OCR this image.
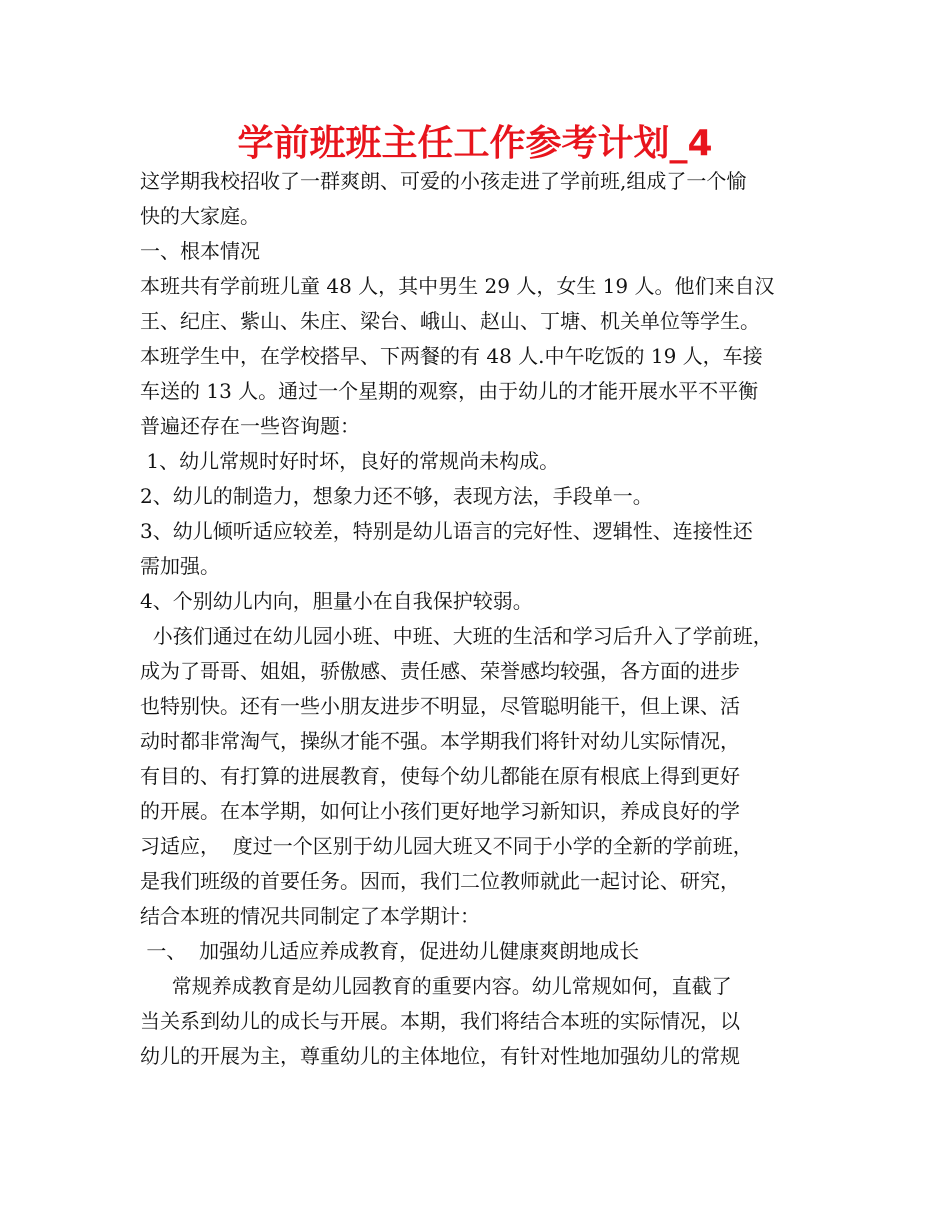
学前班班主任工作参考计划_4
这学期我校招收了一群爽朗、可爱的小孩走进了学前班,组成了一个愉
快的大家庭。
一、根本情况
本班共有学前班儿童 48 人，其中男生 29 人，女生 19 人。他们来自汉
王、纪庄、紫山、朱庄、梁台、峨山、赵山、丁塘、机关单位等学生。
本班学生中，在学校搭早、下两餐的有 48 人.中午吃饭的 19 人，车接
车送的 13 人。通过一个星期的观察，由于幼儿的才能开展水平不平衡
普遍还存在一些咨询题：
1、幼儿常规时好时坏，良好的常规尚未构成。
2、幼儿的制造力，想象力还不够，表现方法，手段单一。
3、幼儿倾听适应较差，特别是幼儿语言的完好性、逻辑性、连接性还
需加强。
4、个别幼儿内向，胆量小在自我保护较弱。
小孩们通过在幼儿园小班、中班、大班的生活和学习后升入了学前班，
成为了哥哥、姐姐，骄傲感、责任感、荣誉感均较强，各方面的进步
也特别快。还有一些小朋友进步不明显，尽管聪明能干，但上课、活
动时都非常淘气，操纵才能不强。本学期我们将针对幼儿实际情况，
有目的、有打算的进展教育，使每个幼儿都能在原有根底上得到更好
的开展。在本学期，如何让小孩们更好地学习新知识，养成良好的学
习适应，  度过一个区别于幼儿园大班又不同于小学的全新的学前班，
是我们班级的首要任务。因而，我们二位教师就此一起讨论、研究，
结合本班的情况共同制定了本学期计：
一、  加强幼儿适应养成教育，促进幼儿健康爽朗地成长
常规养成教育是幼儿园教育的重要内容。幼儿常规如何，直截了
当关系到幼儿的成长与开展。本期，我们将结合本班的实际情况，以
幼儿的开展为主，尊重幼儿的主体地位，有针对性地加强幼儿的常规
